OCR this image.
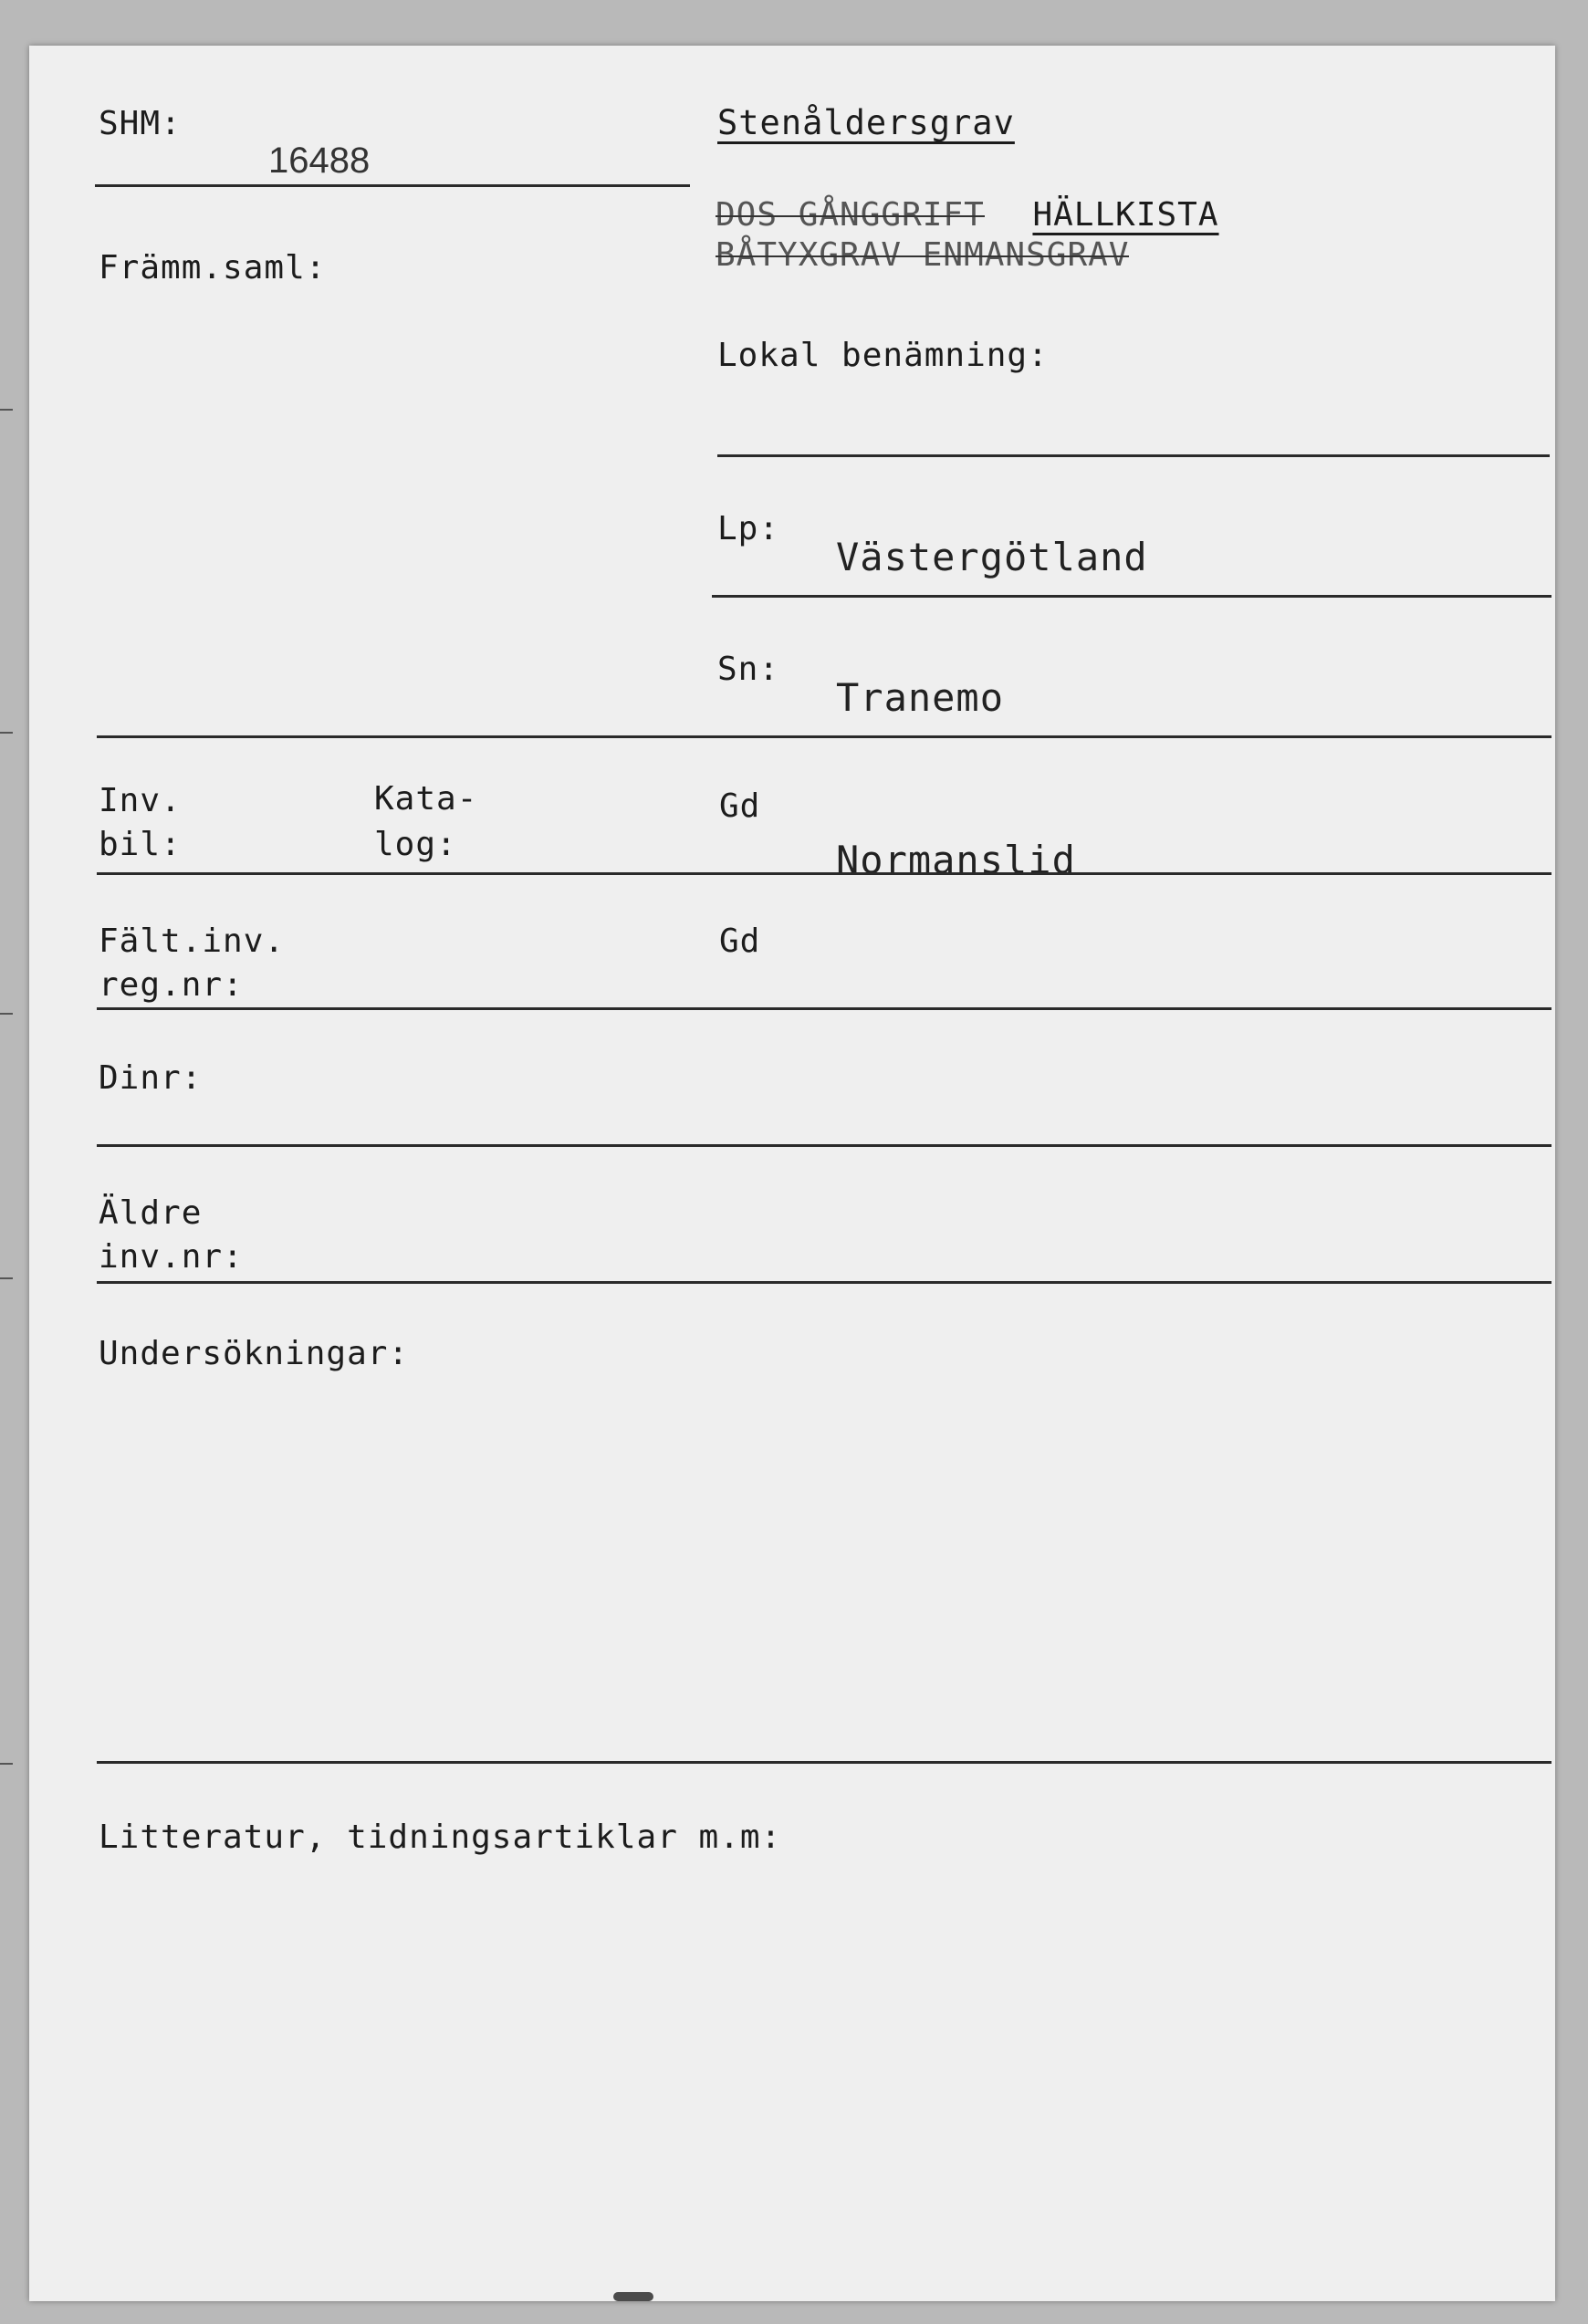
SHM:
16488
Främm.saml:
Stenåldersgrav
DOS GÅNGGRIFT HÄLLKISTA
BÅTYXGRAV ENMANSGRAV
Lokal benämning:
Lp:
Västergötland
Sn:
Tranemo
Inv.
bil:
Kata-
log:
Gd
Normanslid
Fält.inv.
reg.nr:
Gd
Dinr:
Äldre
inv.nr:
Undersökningar:
Litteratur, tidningsartiklar m.m:
